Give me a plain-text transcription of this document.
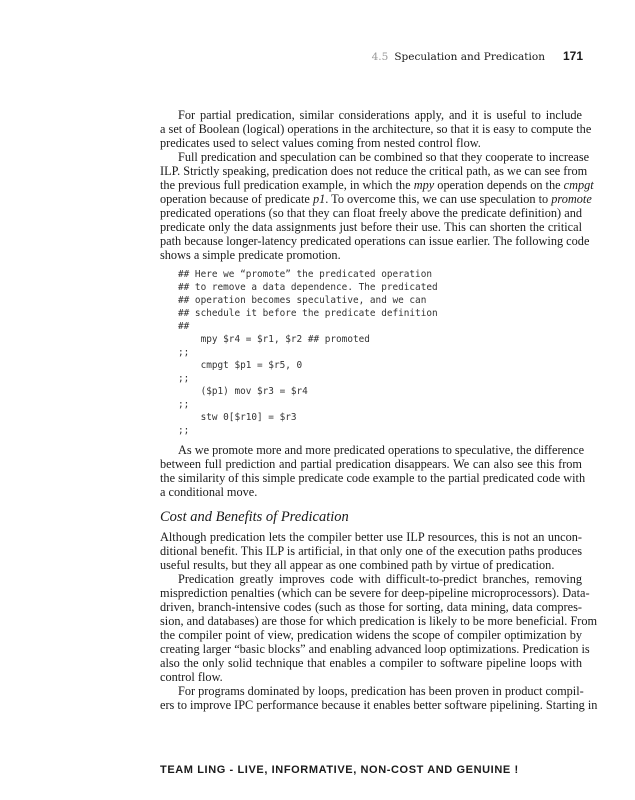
4.5 Speculation and Predication 171
For partial predication, similar considerations apply, and it is useful to include
a set of Boolean (logical) operations in the architecture, so that it is easy to compute the
predicates used to select values coming from nested control flow.
Full predication and speculation can be combined so that they cooperate to increase
ILP. Strictly speaking, predication does not reduce the critical path, as we can see from
the previous full predication example, in which the mpy operation depends on the cmpgt
operation because of predicate p1. To overcome this, we can use speculation to promote
predicated operations (so that they can float freely above the predicate definition) and
predicate only the data assignments just before their use. This can shorten the critical
path because longer-latency predicated operations can issue earlier. The following code
shows a simple predicate promotion.
## Here we “promote” the predicated operation
## to remove a data dependence. The predicated
## operation becomes speculative, and we can
## schedule it before the predicate definition
##
mpy $r4 = $r1, $r2 ## promoted
;;
cmpgt $p1 = $r5, 0
;;
($p1) mov $r3 = $r4
;;
stw 0[$r10] = $r3
;;
As we promote more and more predicated operations to speculative, the difference
between full prediction and partial predication disappears. We can also see this from
the similarity of this simple predicate code example to the partial predicated code with
a conditional move.
Cost and Benefits of Predication
Although predication lets the compiler better use ILP resources, this is not an uncon-
ditional benefit. This ILP is artificial, in that only one of the execution paths produces
useful results, but they all appear as one combined path by virtue of predication.
Predication greatly improves code with difficult-to-predict branches, removing
misprediction penalties (which can be severe for deep-pipeline microprocessors). Data-
driven, branch-intensive codes (such as those for sorting, data mining, data compres-
sion, and databases) are those for which predication is likely to be more beneficial. From
the compiler point of view, predication widens the scope of compiler optimization by
creating larger “basic blocks” and enabling advanced loop optimizations. Predication is
also the only solid technique that enables a compiler to software pipeline loops with
control flow.
For programs dominated by loops, predication has been proven in product compil-
ers to improve IPC performance because it enables better software pipelining. Starting in
TEAM LING - LIVE, INFORMATIVE, NON-COST AND GENUINE !
